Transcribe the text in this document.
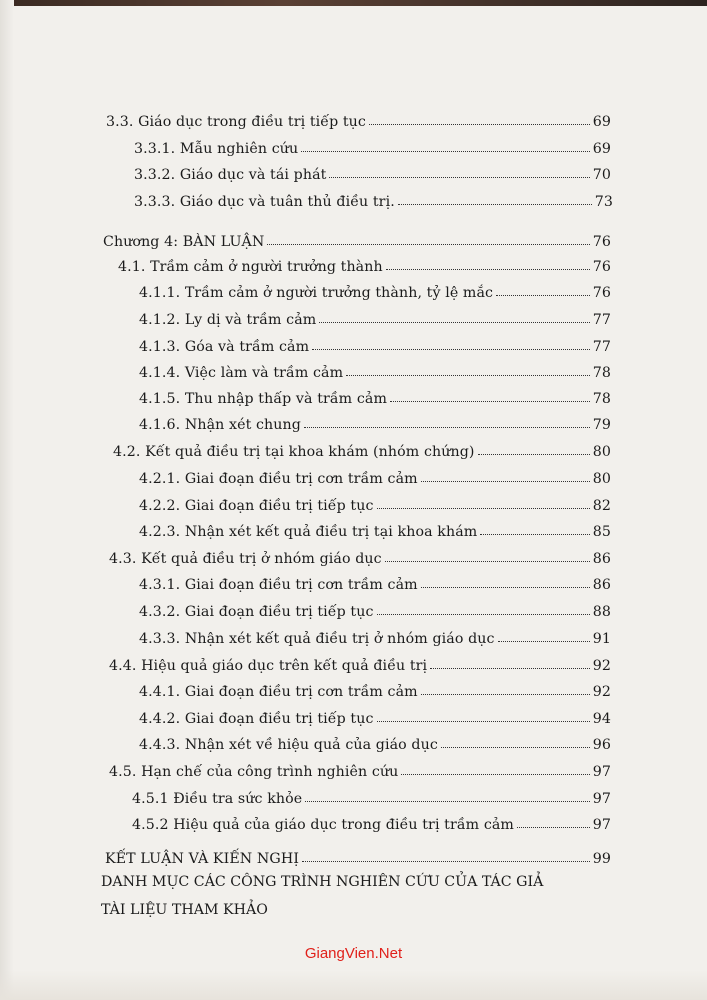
3.3. Giáo dục trong điều trị tiếp tục	69
3.3.1. Mẫu nghiên cứu	69
3.3.2. Giáo dục và tái phát	70
3.3.3. Giáo dục và tuân thủ điều trị.	73
Chương 4: BÀN LUẬN	76
4.1. Trầm cảm ở người trưởng thành	76
4.1.1. Trầm cảm ở người trưởng thành, tỷ lệ mắc	76
4.1.2. Ly dị và trầm cảm	77
4.1.3. Góa và trầm cảm	77
4.1.4. Việc làm và trầm cảm	78
4.1.5. Thu nhập thấp và trầm cảm	78
4.1.6. Nhận xét chung	79
4.2. Kết quả điều trị tại khoa khám (nhóm chứng)	80
4.2.1. Giai đoạn điều trị cơn trầm cảm	80
4.2.2. Giai đoạn điều trị tiếp tục	82
4.2.3. Nhận xét kết quả điều trị tại khoa khám	85
4.3. Kết quả điều trị ở nhóm giáo dục	86
4.3.1. Giai đoạn điều trị cơn trầm cảm	86
4.3.2. Giai đoạn điều trị tiếp tục	88
4.3.3. Nhận xét kết quả điều trị ở nhóm giáo dục	91
4.4. Hiệu quả giáo dục trên kết quả điều trị	92
4.4.1. Giai đoạn điều trị cơn trầm cảm	92
4.4.2. Giai đoạn điều trị tiếp tục	94
4.4.3. Nhận xét về hiệu quả của giáo dục	96
4.5. Hạn chế của công trình nghiên cứu	97
4.5.1 Điều tra sức khỏe	97
4.5.2 Hiệu quả của giáo dục trong điều trị trầm cảm	97
KẾT LUẬN VÀ KIẾN NGHỊ	99
DANH MỤC CÁC CÔNG TRÌNH NGHIÊN CỨU CỦA TÁC GIẢ
TÀI LIỆU THAM KHẢO
GiangVien.Net
